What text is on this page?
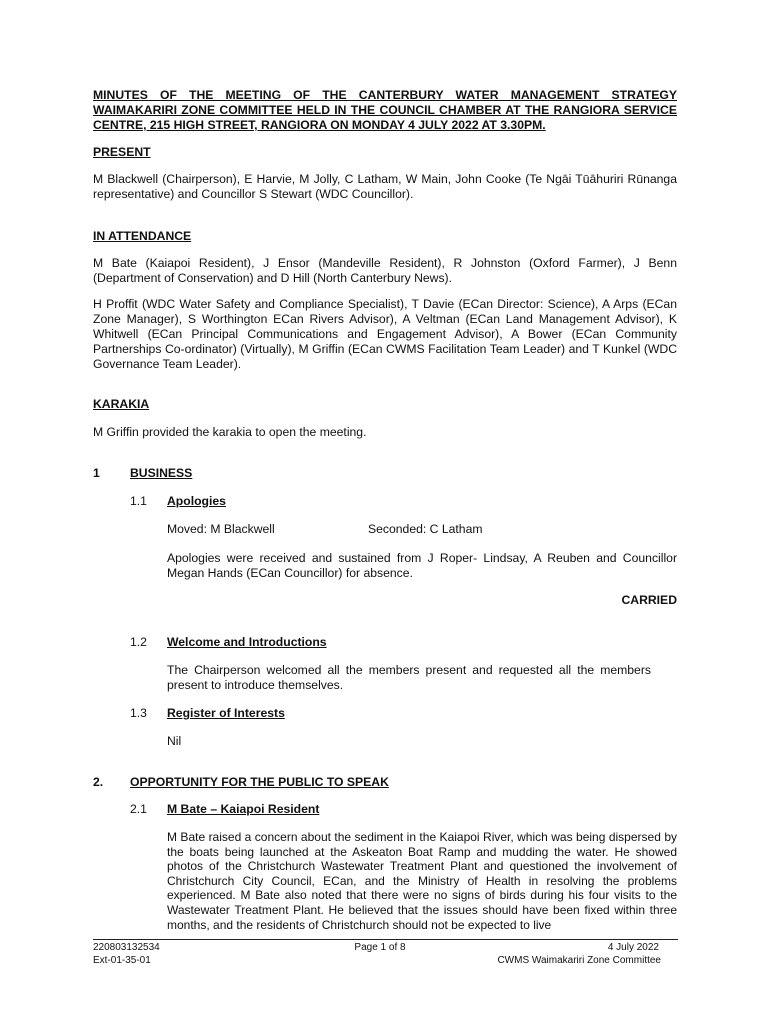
MINUTES OF THE MEETING OF THE CANTERBURY WATER MANAGEMENT STRATEGY WAIMAKARIRI ZONE COMMITTEE HELD IN THE COUNCIL CHAMBER AT THE RANGIORA SERVICE CENTRE, 215 HIGH STREET, RANGIORA ON MONDAY 4 JULY 2022 AT 3.30PM.
PRESENT
M Blackwell (Chairperson), E Harvie, M Jolly, C Latham, W Main, John Cooke (Te Ngāi Tūāhuriri Rūnanga representative) and Councillor S Stewart (WDC Councillor).
IN ATTENDANCE
M Bate (Kaiapoi Resident), J Ensor (Mandeville Resident), R Johnston (Oxford Farmer), J Benn (Department of Conservation) and D Hill (North Canterbury News).
H Proffit (WDC Water Safety and Compliance Specialist), T Davie (ECan Director: Science), A Arps (ECan Zone Manager), S Worthington ECan Rivers Advisor), A Veltman (ECan Land Management Advisor), K Whitwell (ECan Principal Communications and Engagement Advisor), A Bower (ECan Community Partnerships Co-ordinator) (Virtually), M Griffin (ECan CWMS Facilitation Team Leader) and T Kunkel (WDC Governance Team Leader).
KARAKIA
M Griffin provided the karakia to open the meeting.
1 BUSINESS
1.1 Apologies
Moved: M Blackwell	Seconded: C Latham
Apologies were received and sustained from J Roper- Lindsay, A Reuben and Councillor Megan Hands (ECan Councillor) for absence.
CARRIED
1.2 Welcome and Introductions
The Chairperson welcomed all the members present and requested all the members present to introduce themselves.
1.3 Register of Interests
Nil
2. OPPORTUNITY FOR THE PUBLIC TO SPEAK
2.1 M Bate – Kaiapoi Resident
M Bate raised a concern about the sediment in the Kaiapoi River, which was being dispersed by the boats being launched at the Askeaton Boat Ramp and mudding the water. He showed photos of the Christchurch Wastewater Treatment Plant and questioned the involvement of Christchurch City Council, ECan, and the Ministry of Health in resolving the problems experienced. M Bate also noted that there were no signs of birds during his four visits to the Wastewater Treatment Plant. He believed that the issues should have been fixed within three months, and the residents of Christchurch should not be expected to live
220803132534
Ext-01-35-01
Page 1 of 8	4 July 2022
CWMS Waimakariri Zone Committee
